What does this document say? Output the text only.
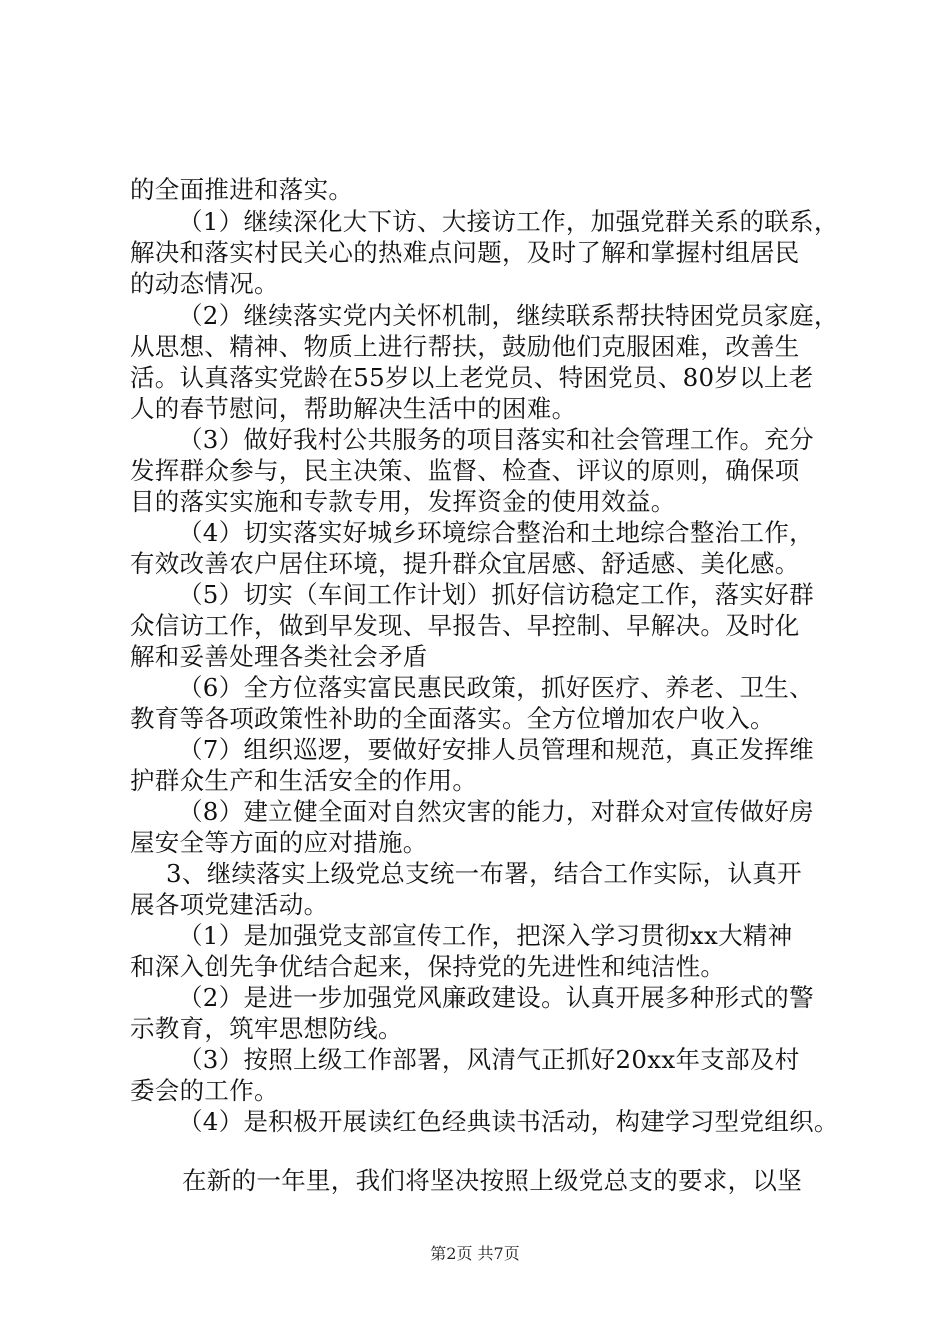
的全面推进和落实。
（1）继续深化大下访、大接访工作，加强党群关系的联系，
解决和落实村民关心的热难点问题，及时了解和掌握村组居民
的动态情况。
（2）继续落实党内关怀机制，继续联系帮扶特困党员家庭，
从思想、精神、物质上进行帮扶，鼓励他们克服困难，改善生
活。认真落实党龄在55岁以上老党员、特困党员、80岁以上老
人的春节慰问，帮助解决生活中的困难。
（3）做好我村公共服务的项目落实和社会管理工作。充分
发挥群众参与，民主决策、监督、检查、评议的原则，确保项
目的落实实施和专款专用，发挥资金的使用效益。
（4）切实落实好城乡环境综合整治和土地综合整治工作，
有效改善农户居住环境，提升群众宜居感、舒适感、美化感。
（5）切实（车间工作计划）抓好信访稳定工作，落实好群
众信访工作，做到早发现、早报告、早控制、早解决。及时化
解和妥善处理各类社会矛盾
（6）全方位落实富民惠民政策，抓好医疗、养老、卫生、
教育等各项政策性补助的全面落实。全方位增加农户收入。
（7）组织巡逻，要做好安排人员管理和规范，真正发挥维
护群众生产和生活安全的作用。
（8）建立健全面对自然灾害的能力，对群众对宣传做好房
屋安全等方面的应对措施。
3、继续落实上级党总支统一布署，结合工作实际，认真开
展各项党建活动。
（1）是加强党支部宣传工作，把深入学习贯彻xx大精神
和深入创先争优结合起来，保持党的先进性和纯洁性。
（2）是进一步加强党风廉政建设。认真开展多种形式的警
示教育，筑牢思想防线。
（3）按照上级工作部署，风清气正抓好20xx年支部及村
委会的工作。
（4）是积极开展读红色经典读书活动，构建学习型党组织。
在新的一年里，我们将坚决按照上级党总支的要求，以坚
第2页 共7页
